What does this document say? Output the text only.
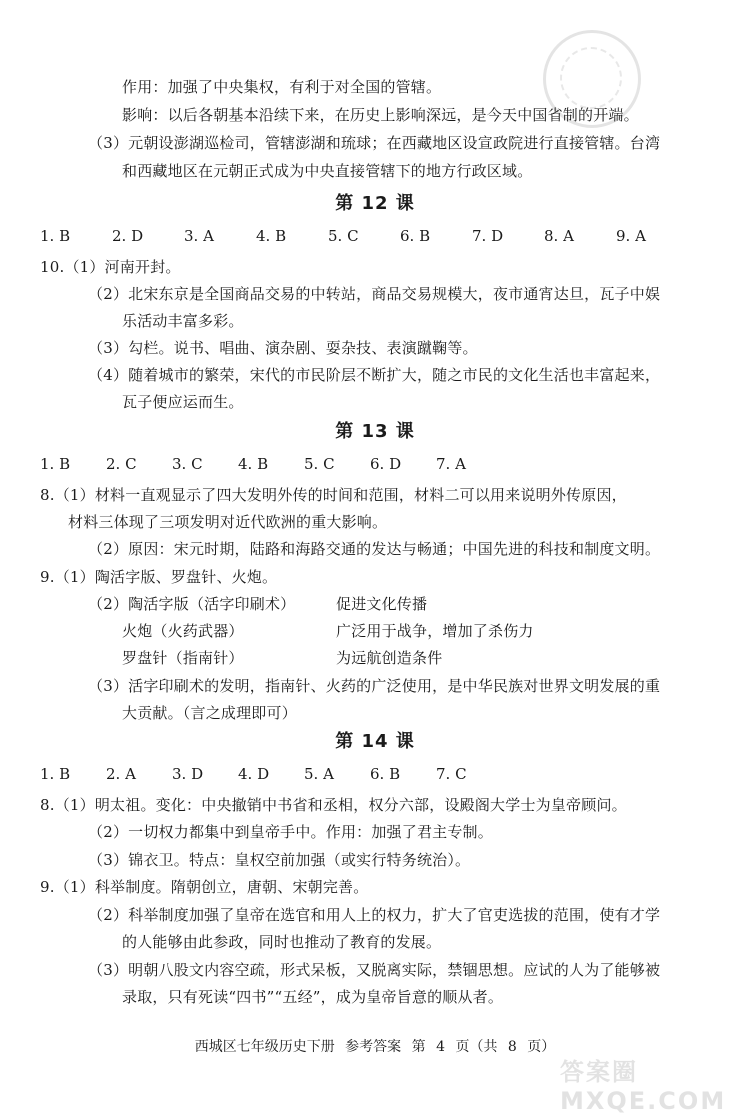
作用：加强了中央集权，有利于对全国的管辖。
影响：以后各朝基本沿续下来，在历史上影响深远，是今天中国省制的开端。
（3）元朝设澎湖巡检司，管辖澎湖和琉球；在西藏地区设宣政院进行直接管辖。台湾
和西藏地区在元朝正式成为中央直接管辖下的地方行政区域。
第 12 课
1. B	2. D	3. A	4. B	5. C	6. B	7. D	8. A	9. A
10.（1）河南开封。
（2）北宋东京是全国商品交易的中转站，商品交易规模大，夜市通宵达旦，瓦子中娱
乐活动丰富多彩。
（3）勾栏。说书、唱曲、演杂剧、耍杂技、表演蹴鞠等。
（4）随着城市的繁荣，宋代的市民阶层不断扩大，随之市民的文化生活也丰富起来，
瓦子便应运而生。
第 13 课
1. B 2. C 3. C 4. B 5. C 6. D 7. A
8.（1）材料一直观显示了四大发明外传的时间和范围，材料二可以用来说明外传原因，
材料三体现了三项发明对近代欧洲的重大影响。
（2）原因：宋元时期，陆路和海路交通的发达与畅通；中国先进的科技和制度文明。
9.（1）陶活字版、罗盘针、火炮。
（2）陶活字版（活字印刷术）	促进文化传播
火炮（火药武器）	广泛用于战争，增加了杀伤力
罗盘针（指南针）	为远航创造条件
（3）活字印刷术的发明，指南针、火药的广泛使用，是中华民族对世界文明发展的重
大贡献。（言之成理即可）
第 14 课
1. B 2. A 3. D 4. D 5. A 6. B 7. C
8.（1）明太祖。变化：中央撤销中书省和丞相，权分六部，设殿阁大学士为皇帝顾问。
（2）一切权力都集中到皇帝手中。作用：加强了君主专制。
（3）锦衣卫。特点：皇权空前加强（或实行特务统治）。
9.（1）科举制度。隋朝创立，唐朝、宋朝完善。
（2）科举制度加强了皇帝在选官和用人上的权力，扩大了官吏选拔的范围，使有才学
的人能够由此参政，同时也推动了教育的发展。
（3）明朝八股文内容空疏，形式呆板，又脱离实际，禁锢思想。应试的人为了能够被
录取，只有死读“四书”“五经”，成为皇帝旨意的顺从者。
西城区七年级历史下册 参考答案 第 4 页（共 8 页）
答案圈 MXQE.COM
